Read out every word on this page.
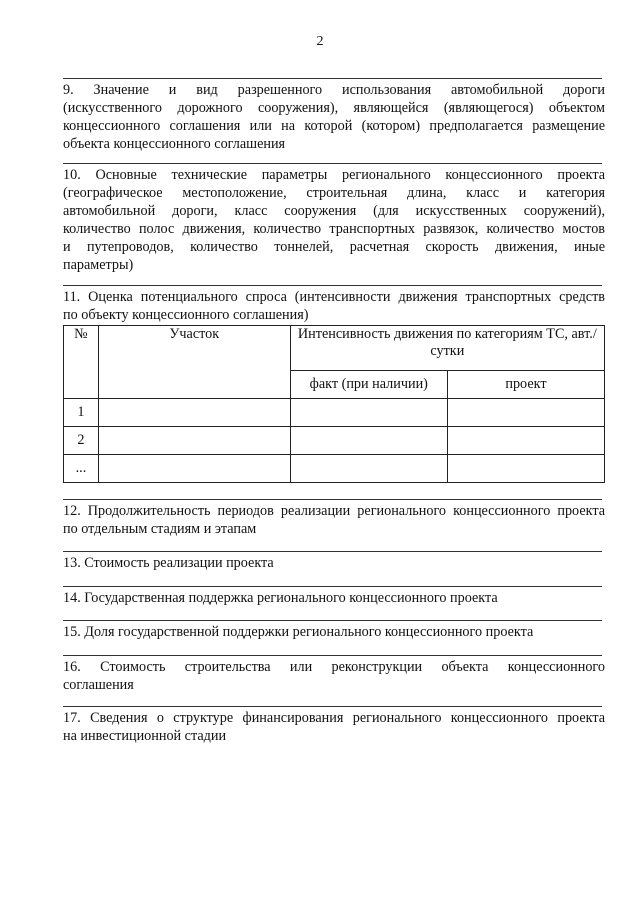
2
9. Значение и вид разрешенного использования автомобильной дороги
(искусственного дорожного сооружения), являющейся (являющегося) объектом
концессионного соглашения или на которой (котором) предполагается размещение
объекта концессионного соглашения
10. Основные технические параметры регионального концессионного проекта
(географическое местоположение, строительная длина, класс и категория
автомобильной дороги, класс сооружения (для искусственных сооружений),
количество полос движения, количество транспортных развязок, количество мостов
и путепроводов, количество тоннелей, расчетная скорость движения, иные
параметры)
11. Оценка потенциального спроса (интенсивности движения транспортных средств
по объекту концессионного соглашения)
№	Участок	Интенсивность движения по категориям ТС, авт./сутки	
		факт (при наличии)	проект
1			
2			
...			
12. Продолжительность периодов реализации регионального концессионного проекта
по отдельным стадиям и этапам
13. Стоимость реализации проекта
14. Государственная поддержка регионального концессионного проекта
15. Доля государственной поддержки регионального концессионного проекта
16. Стоимость строительства или реконструкции объекта концессионного
соглашения
17. Сведения о структуре финансирования регионального концессионного проекта
на инвестиционной стадии
